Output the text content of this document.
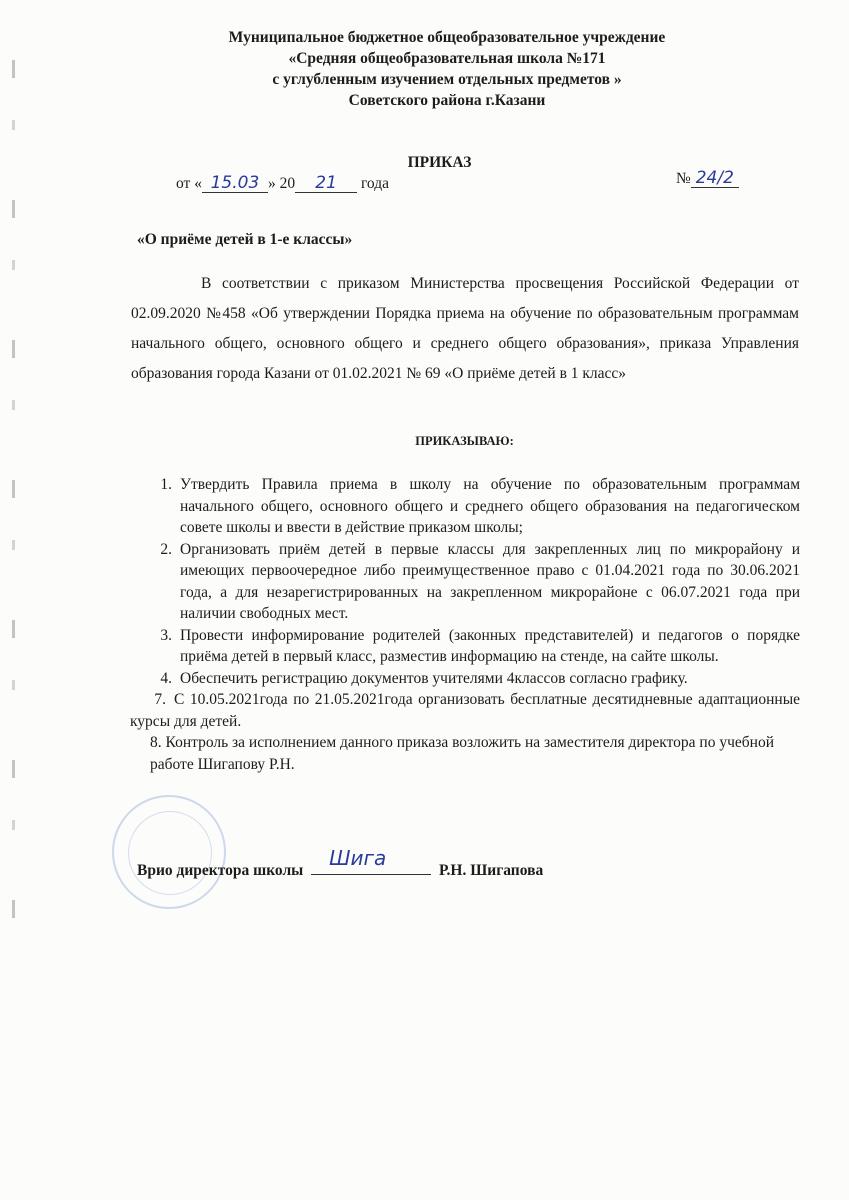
Муниципальное бюджетное общеобразовательное учреждение
«Средняя общеобразовательная школа №171
с углубленным изучением отдельных предметов »
Советского района г.Казани
ПРИКАЗ
от « 15.03 » 20 21 года	№ 24/2
«О приёме детей в 1-е классы»
В соответствии с приказом Министерства просвещения Российской Федерации от 02.09.2020 №458 «Об утверждении Порядка приема на обучение по образовательным программам начального общего, основного общего и среднего общего образования», приказа Управления образования города Казани от 01.02.2021 № 69 «О приёме детей в 1 класс»
ПРИКАЗЫВАЮ:
1. Утвердить Правила приема в школу на обучение по образовательным программам начального общего, основного общего и среднего общего образования на педагогическом совете школы и ввести в действие приказом школы;
2. Организовать приём детей в первые классы для закрепленных лиц по микрорайону и имеющих первоочередное либо преимущественное право с 01.04.2021 года по 30.06.2021 года, а для незарегистрированных на закрепленном микрорайоне с 06.07.2021 года при наличии свободных мест.
3. Провести информирование родителей (законных представителей) и педагогов о порядке приёма детей в первый класс, разместив информацию на стенде, на сайте школы.
4. Обеспечить регистрацию документов учителями 4классов согласно графику.
7. С 10.05.2021года по 21.05.2021года организовать бесплатные десятидневные адаптационные курсы для детей.
8. Контроль за исполнением данного приказа возложить на заместителя директора по учебной работе Шигапову Р.Н.
Врио директора школы
Шига
Р.Н. Шигапова
